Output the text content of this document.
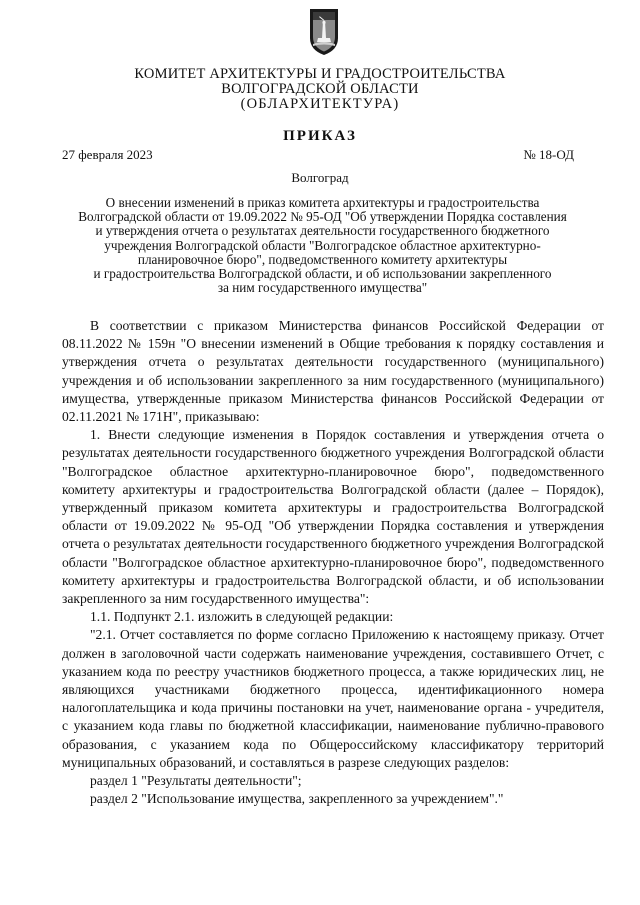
КОМИТЕТ АРХИТЕКТУРЫ И ГРАДОСТРОИТЕЛЬСТВА
ВОЛГОГРАДСКОЙ ОБЛАСТИ
(ОБЛАРХИТЕКТУРА)
ПРИКАЗ
27 февраля 2023	№ 18-ОД
Волгоград

О внесении изменений в приказ комитета архитектуры и градостроительства

Волгоградской области от 19.09.2022 № 95-ОД "Об утверждении Порядка составления

и утверждения отчета о результатах деятельности государственного бюджетного

учреждения Волгоградской области "Волгоградское областное архитектурно-

планировочное бюро", подведомственного комитету архитектуры

и градостроительства Волгоградской области, и об использовании закрепленного

за ним государственного имущества"

В соответствии с приказом Министерства финансов Российской Федерации от 08.11.2022 № 159н "О внесении изменений в Общие требования к порядку составления и утверждения отчета о результатах деятельности государственного (муниципального) учреждения и об использовании закрепленного за ним государственного (муниципального) имущества, утвержденные приказом Министерства финансов Российской Федерации от 02.11.2021 № 171Н", приказываю:

1. Внести следующие изменения в Порядок составления и утверждения отчета о результатах деятельности государственного бюджетного учреждения Волгоградской области "Волгоградское областное архитектурно-планировочное бюро", подведомственного комитету архитектуры и градостроительства Волгоградской области (далее – Порядок), утвержденный приказом комитета архитектуры и градостроительства Волгоградской области от 19.09.2022 № 95-ОД "Об утверждении Порядка составления и утверждения отчета о результатах деятельности государственного бюджетного учреждения Волгоградской области "Волгоградское областное архитектурно-планировочное бюро", подведомственного комитету архитектуры и градостроительства Волгоградской области, и об использовании закрепленного за ним государственного имущества":

1.1. Подпункт 2.1. изложить в следующей редакции:

"2.1. Отчет составляется по форме согласно Приложению к настоящему приказу. Отчет должен в заголовочной части содержать наименование учреждения, составившего Отчет, с указанием кода по реестру участников бюджетного процесса, а также юридических лиц, не являющихся участниками бюджетного процесса, идентификационного номера налогоплательщика и кода причины постановки на учет, наименование органа - учредителя, с указанием кода главы по бюджетной классификации, наименование публично-правового образования, с указанием кода по Общероссийскому классификатору территорий муниципальных образований, и составляться в разрезе следующих разделов:

раздел 1 "Результаты деятельности";

раздел 2 "Использование имущества, закрепленного за учреждением"."
